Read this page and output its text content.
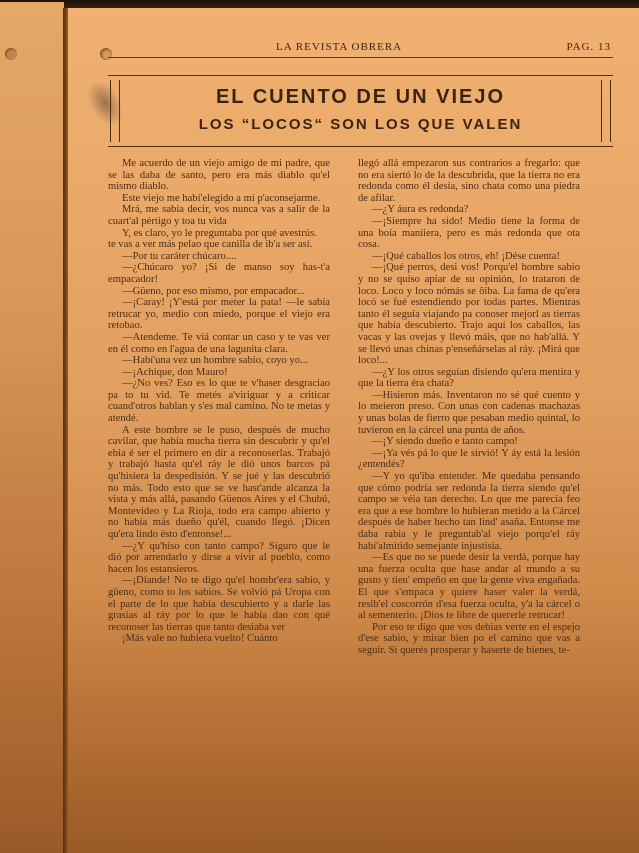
LA REVISTA OBRERA	PAG. 13
EL CUENTO DE UN VIEJO
LOS “LOCOS“ SON LOS QUE VALEN

Me acuerdo de un viejo amigo de mi padre, que se las daba de santo, pero era más diablo qu'el mismo diablo.

Este viejo me habí'elegido a mí p'aconsejarme.

Mrá, me sabía decir, vos nunca vas a salir de la cuart'al pértigo y toa tu vida

Y, es claro, yo le preguntaba por qué avestrús.

te vas a ver más pelao que canilla de ib'a ser así.

—Por tu caráter chúcaro....

—¿Chúcaro yo? ¡Si de manso soy has-t'a empacador!

—Güeno, por eso mismo, por empacador...

—¡Caray! ¡Y'está por meter la pata! —le sabía retrucar yo, medio con miedo, porque el viejo era retobao.

—Atendeme. Te viá contar un caso y te vas ver en él como en l'agua de una lagunita clara.

—Habí'una vez un hombre sabio, coyo yo...

—¡Achique, don Mauro!

—¿No ves? Eso es lo que te v'haser desgraciao pa to tu vid. Te metés a'viriguar y a criticar cuand'otros hablan y s'es mal camino. No te metas y atendé.

A este hombre se le puso, después de mucho cavilar, que había mucha tierra sin descubrir y qu'el ebia é ser el primero en dír a reconoserlas. Trabajó y trabajó hasta qu'el ráy le dió unos barcos pá qu'hisiera la despedisión. Y se jué y las descubrió no más. Todo esto que se ve hast'ande alcanza la vista y más allá, pasando Güenos Aires y el Chubú, Montevideo y La Rioja, todo era campo abierto y no había más dueño qu'él, cuando llegó. ¡Dicen qu'era lindo ésto d'entonse!...

—¿Y qu'hiso con tanto campo? Síguro que le dió por arrendarlo y dirse a vivir al pueblo, como hacen los estansieros.

—¡Diande! No te digo qu'el hombr'era sabio, y güeno, como to los sabios. Se volvió pá Uropa con el parte de lo que había descubierto y a darle las grasias al ráy por lo que le había dao con qué reconoser las tierras que tanto desiaba ver

¡Más vale no hubiera vuelto! Cuánto

llegó allá empezaron sus contrarios a fregarlo: que no era siertó lo de la descubrida, que la tierra no era redonda como él desía, sino chata como una piedra de afilar.

—¿Y áura es redonda?

—¡Siempre ha sido! Medio tiene la forma de una boía maníiera, pero es más redonda que ota cosa.

—¡Qué caballos los otros, eh! ¡Dése cuenta!

—¡Qué perros, desi vos! Porqu'el hombre sabio y no se quiso apiar de su opinión, lo trataron de loco. Loco y loco nómás se ôiba. La fama de qu'era locó se fué estendiendo por todas partes. Mientras tanto él seguía viajando pa conoser mejorl as tierras que había descubierto. Trajo aquí los caballos, las vacas y las ovejas y llevó máis, que no hab'allá. Y se llevó unas chinas p'enseñárselas al ráy. ¡Mirá que loco!...

—¿Y los otros seguían disiendo qu'era mentira y que la tierra éra chata?

—Hisieron más. Inventaron no sé qué cuento y lo meieron preso. Con unas con cadenas machazas y unas bolas de fierro que pesaban medio quintal, lo tuvieron en la cárcel una punta de años.

—¡Y siendo dueño e tanto campo!

—¡Ya vés pá lo que le sirvió! Y áy está la lesión ¿entendés?

—Y yo qu'iba entender. Me quedaba pensando que cómo podría ser redonda la tierra siendo qu'el campo se véia tan derecho. Lo que me parecía feo era que a ese hombre lo hubieran metido a la Cárcel después de haber hecho tan lind' asaña. Entonse me daba rabia y le preguntab'al viejo porqu'el ráy habí'almitido semejante injustisia.

—Es que no se puede desir la verdá, porque hay una fuerza oculta que hase andar al mundo a su gusto y tien' empeño en que la gente viva engañada. El que s'empaca y quiere haser valer la verdá, resib'el coscorrón d'esa fuerza oculta, y'a la cárcel o al sementerio. ¡Dios te libre de quererle retrucar!

Por eso te digo que vos debias verte en el espejo d'ese sabio, y mirar bien po el camino que vas a seguir. Si querés prosperar y haserte de bienes, te-
